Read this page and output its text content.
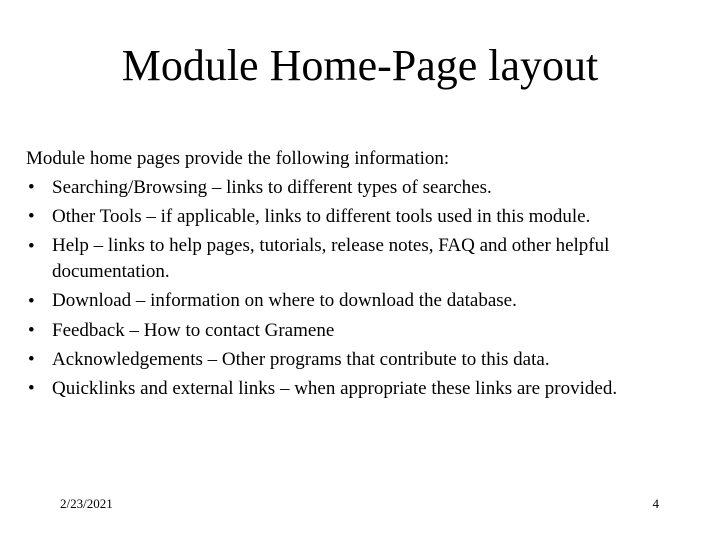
Module Home-Page layout
Module home pages provide the following information:
• Searching/Browsing – links to different types of searches.
• Other Tools – if applicable, links to different tools used in this module.
• Help – links to help pages, tutorials, release notes, FAQ and other helpful documentation.
• Download – information on where to download the database.
• Feedback – How to contact Gramene
• Acknowledgements – Other programs that contribute to this data.
• Quicklinks and external links – when appropriate these links are provided.
2/23/2021	4
